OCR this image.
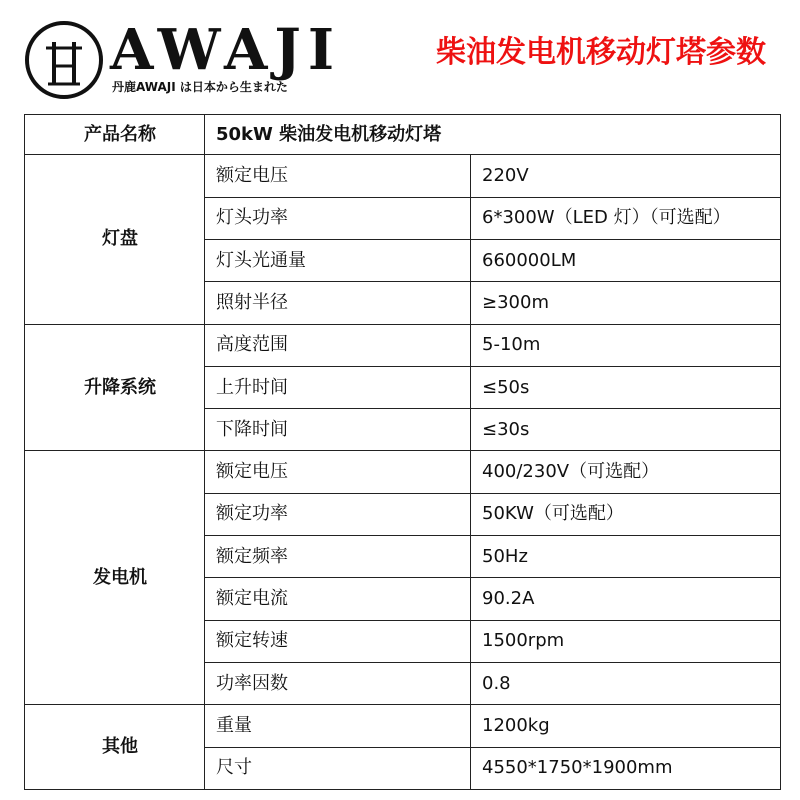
AWAJI
丹鹿AWAJI は日本から生まれた
柴油发电机移动灯塔参数
产品名称	50kW 柴油发电机移动灯塔	
灯盘	额定电压	220V
	灯头功率	6*300W（LED 灯）（可选配）
	灯头光通量	660000LM
	照射半径	≥300m
升降系统	高度范围	5-10m
	上升时间	≤50s
	下降时间	≤30s
发电机	额定电压	400/230V（可选配）
	额定功率	50KW（可选配）
	额定频率	50Hz
	额定电流	90.2A
	额定转速	1500rpm
	功率因数	0.8
其他	重量	1200kg
	尺寸	4550*1750*1900mm
